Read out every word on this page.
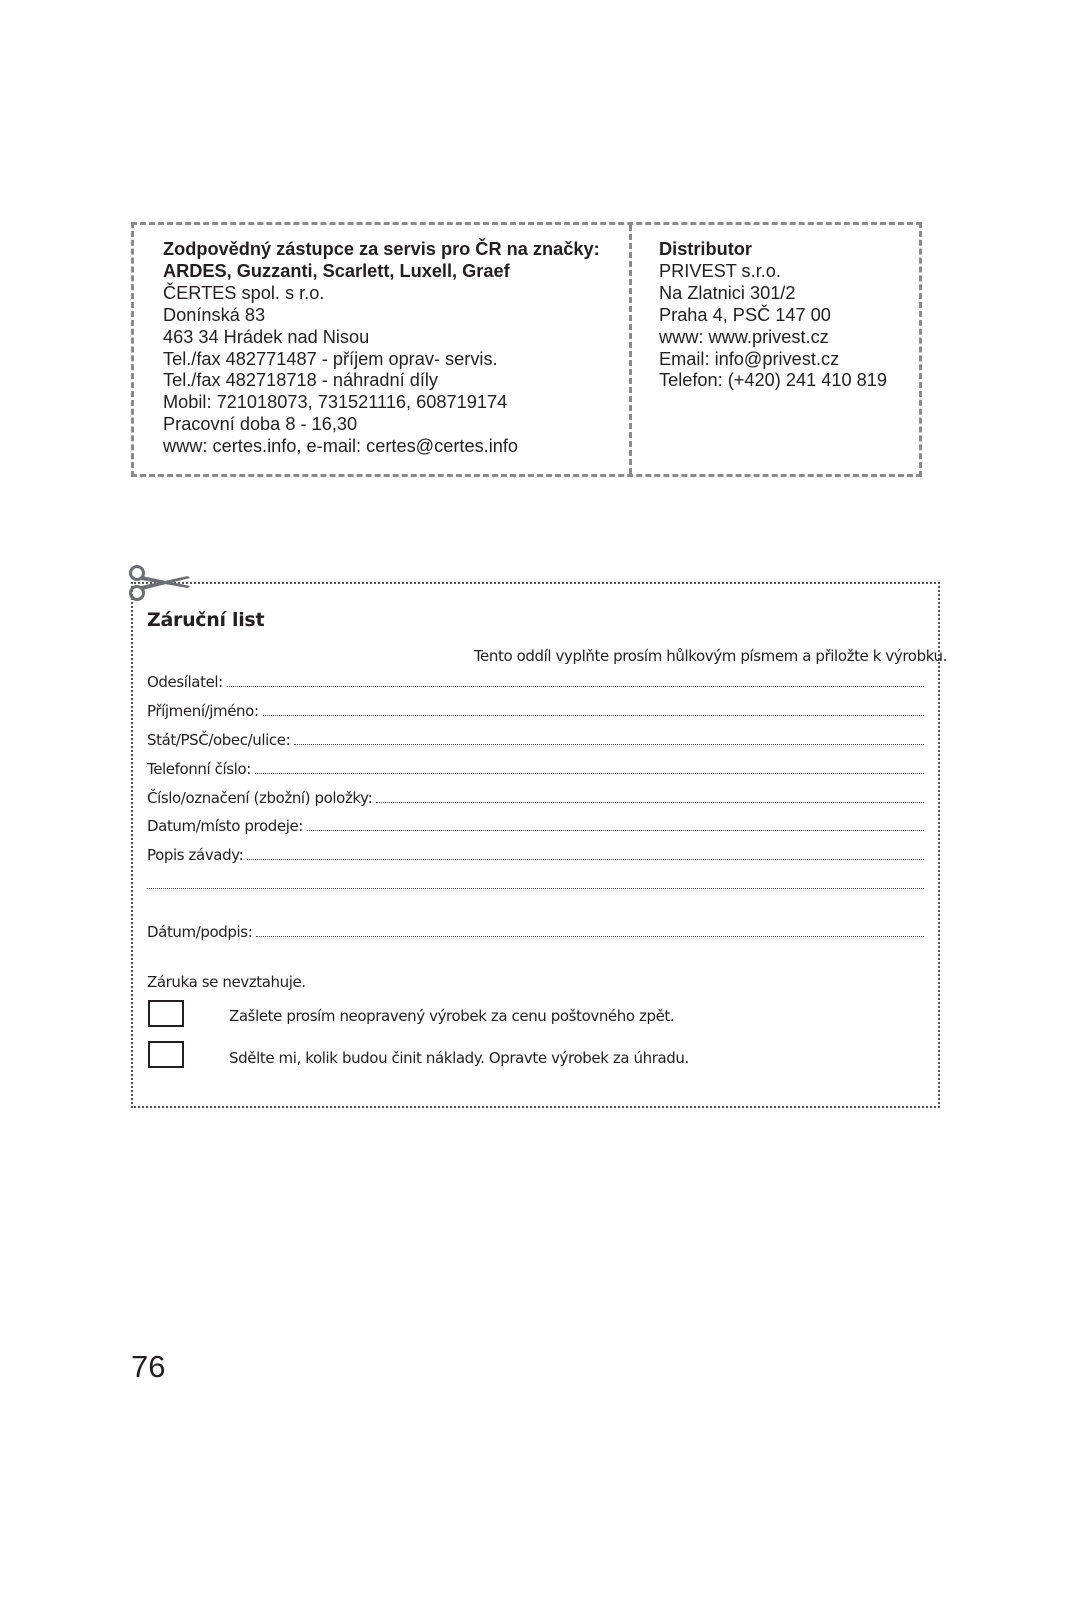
Zodpovědný zástupce za servis pro ČR na značky:
ARDES, Guzzanti, Scarlett, Luxell, Graef
ČERTES spol. s r.o.
Donínská 83
463 34 Hrádek nad Nisou
Tel./fax 482771487 - příjem oprav- servis.
Tel./fax 482718718 - náhradní díly
Mobil: 721018073, 731521116, 608719174
Pracovní doba 8 - 16,30
www: certes.info, e-mail: certes@certes.info
Distributor
PRIVEST s.r.o.
Na Zlatnici 301/2
Praha 4, PSČ 147 00
www: www.privest.cz
Email: info@privest.cz
Telefon: (+420) 241 410 819
Záruční list
Tento oddíl vyplňte prosím hůlkovým písmem a přiložte k výrobku.
Odesílatel:
Příjmení/jméno:
Stát/PSČ/obec/ulice:
Telefonní číslo:
Číslo/označení (zbožní) položky:
Datum/místo prodeje:
Popis závady:
Dátum/podpis:
Záruka se nevztahuje.
Zašlete prosím neopravený výrobek za cenu poštovného zpět.
Sdělte mi, kolik budou činit náklady. Opravte výrobek za úhradu.
76
